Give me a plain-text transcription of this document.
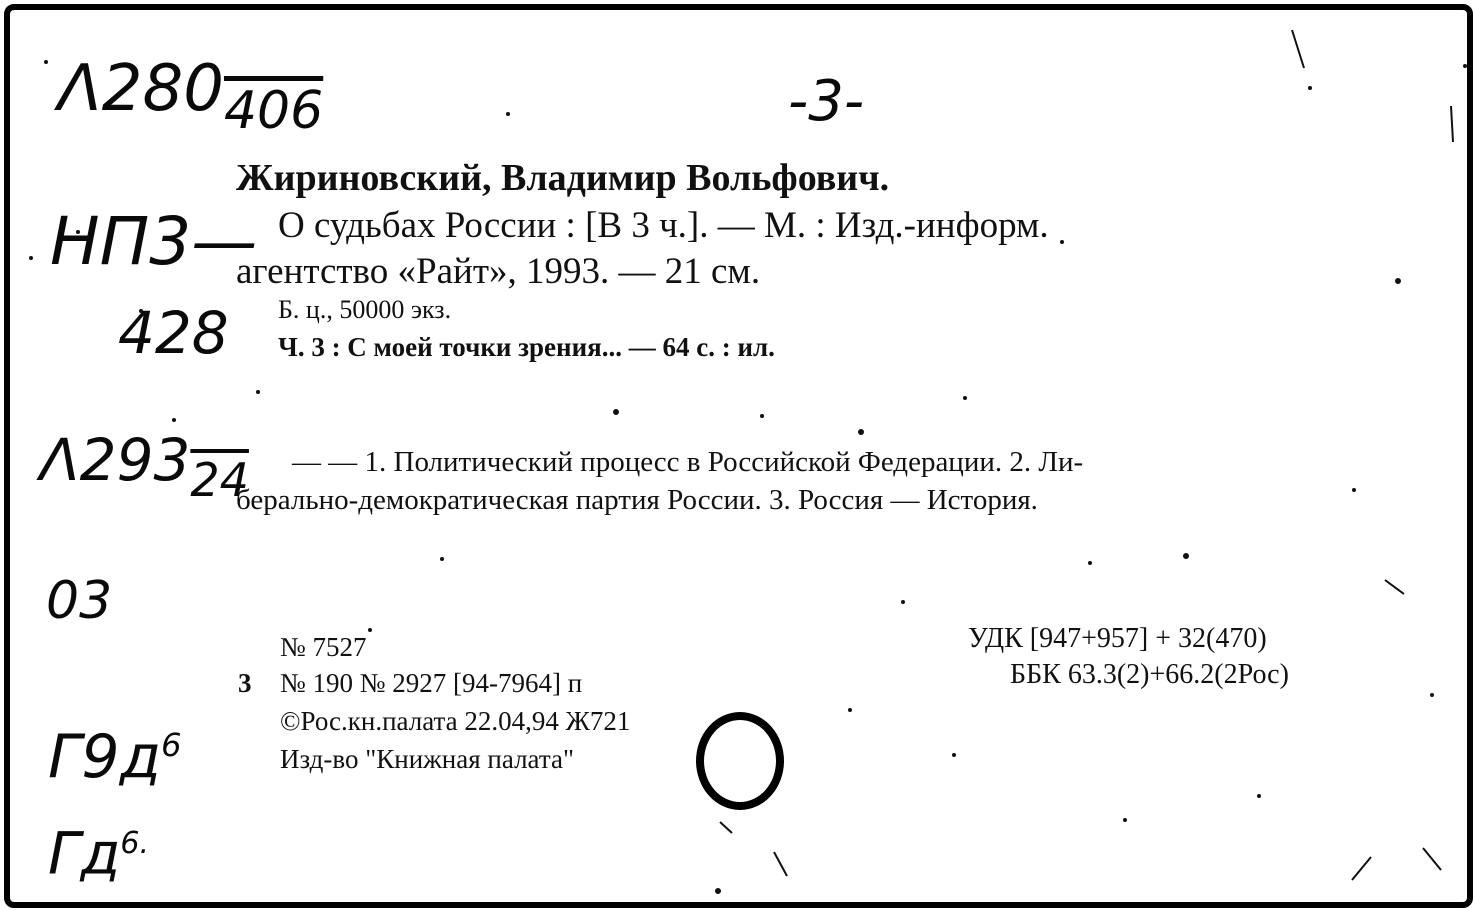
$\Lambda 280_{406}$	-3-
НП3—
428
$\Lambda 293_{24}$
03
$Г9д^6$
$Гд^{6.}$
Жириновский, Владимир Вольфович.
О судьбах России : [В 3 ч.]. — М. : Изд.-информ.
агентство «Райт», 1993. — 21 см.
Б. ц., 50000 экз.
Ч. 3 : С моей точки зрения... — 64 с. : ил.
— — 1. Политический процесс в Российской Федерации. 2. Ли-
берально-демократическая партия России. 3. Россия — История.
№ 7527
3 № 190 № 2927 [94-7964] п
©Рос.кн.палата 22.04,94 Ж721
Изд-во "Книжная палата"
УДК [947+957] + 32(470)
ББК 63.3(2)+66.2(2Рос)
